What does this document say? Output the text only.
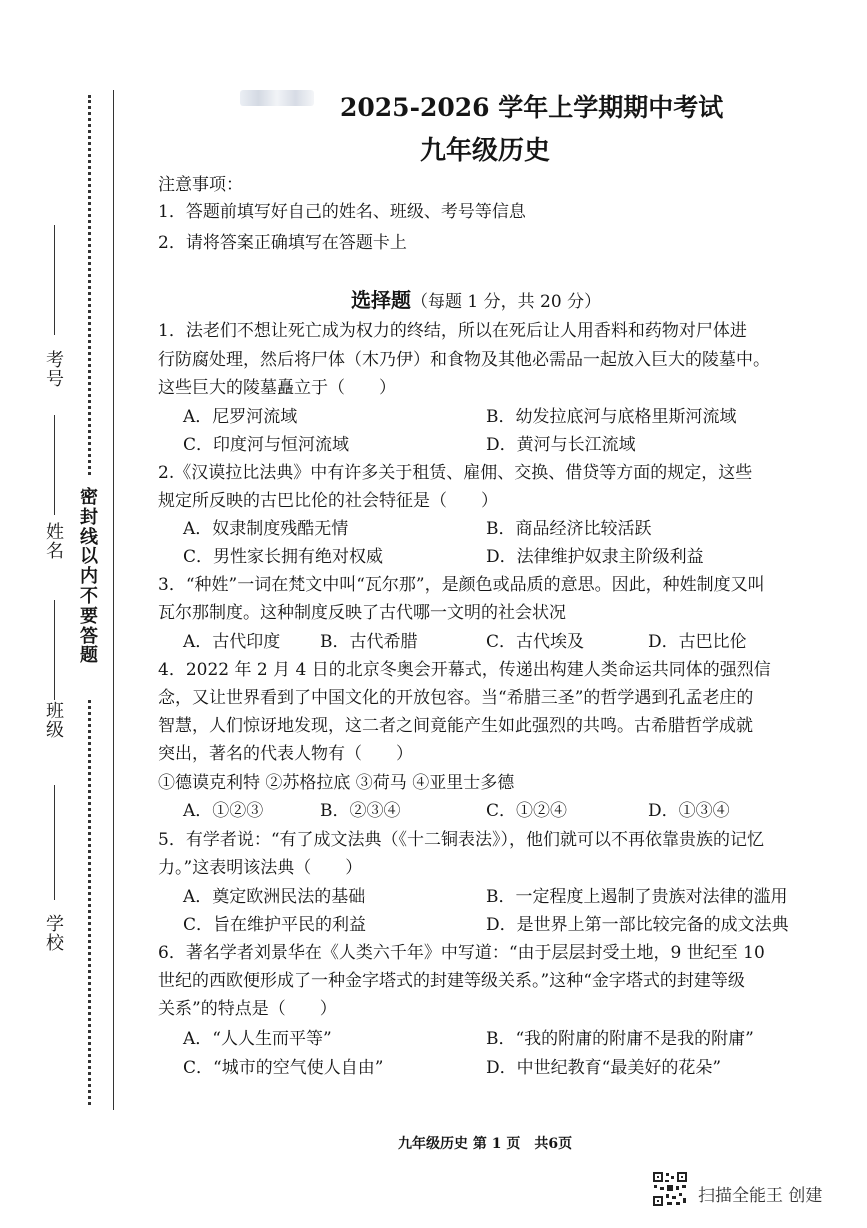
密封线以内不要答题
考号
姓名
班级
学校
2025-2026 学年上学期期中考试
九年级历史
注意事项：
1．答题前填写好自己的姓名、班级、考号等信息
2．请将答案正确填写在答题卡上
选择题（每题 1 分，共 20 分）
1．法老们不想让死亡成为权力的终结，所以在死后让人用香料和药物对尸体进
行防腐处理，然后将尸体（木乃伊）和食物及其他必需品一起放入巨大的陵墓中。
这些巨大的陵墓矗立于（　　）
A．尼罗河流域	B．幼发拉底河与底格里斯河流域
C．印度河与恒河流域	D．黄河与长江流域
2.《汉谟拉比法典》中有许多关于租赁、雇佣、交换、借贷等方面的规定，这些
规定所反映的古巴比伦的社会特征是（　　）
A．奴隶制度残酷无情	B．商品经济比较活跃
C．男性家长拥有绝对权威	D．法律维护奴隶主阶级利益
3．“种姓”一词在梵文中叫“瓦尔那”，是颜色或品质的意思。因此，种姓制度又叫
瓦尔那制度。这种制度反映了古代哪一文明的社会状况
A．古代印度 B．古代希腊	C．古代埃及	D．古巴比伦
4．2022 年 2 月 4 日的北京冬奥会开幕式，传递出构建人类命运共同体的强烈信
念，又让世界看到了中国文化的开放包容。当“希腊三圣”的哲学遇到孔孟老庄的
智慧，人们惊讶地发现，这二者之间竟能产生如此强烈的共鸣。古希腊哲学成就
突出，著名的代表人物有（　　）
①德谟克利特 ②苏格拉底 ③荷马 ④亚里士多德
A．①②③	B．②③④	C．①②④	D．①③④
5．有学者说：“有了成文法典（《十二铜表法》），他们就可以不再依靠贵族的记忆
力。”这表明该法典（　　）
A．奠定欧洲民法的基础	B．一定程度上遏制了贵族对法律的滥用
C．旨在维护平民的利益	D．是世界上第一部比较完备的成文法典
6．著名学者刘景华在《人类六千年》中写道：“由于层层封受土地，9 世纪至 10
世纪的西欧便形成了一种金字塔式的封建等级关系。”这种“金字塔式的封建等级
关系”的特点是（　　）
A．“人人生而平等”	B．“我的附庸的附庸不是我的附庸”
C．“城市的空气使人自由”	D．中世纪教育“最美好的花朵”
九年级历史 第 1 页　共6页
扫描全能王 创建
